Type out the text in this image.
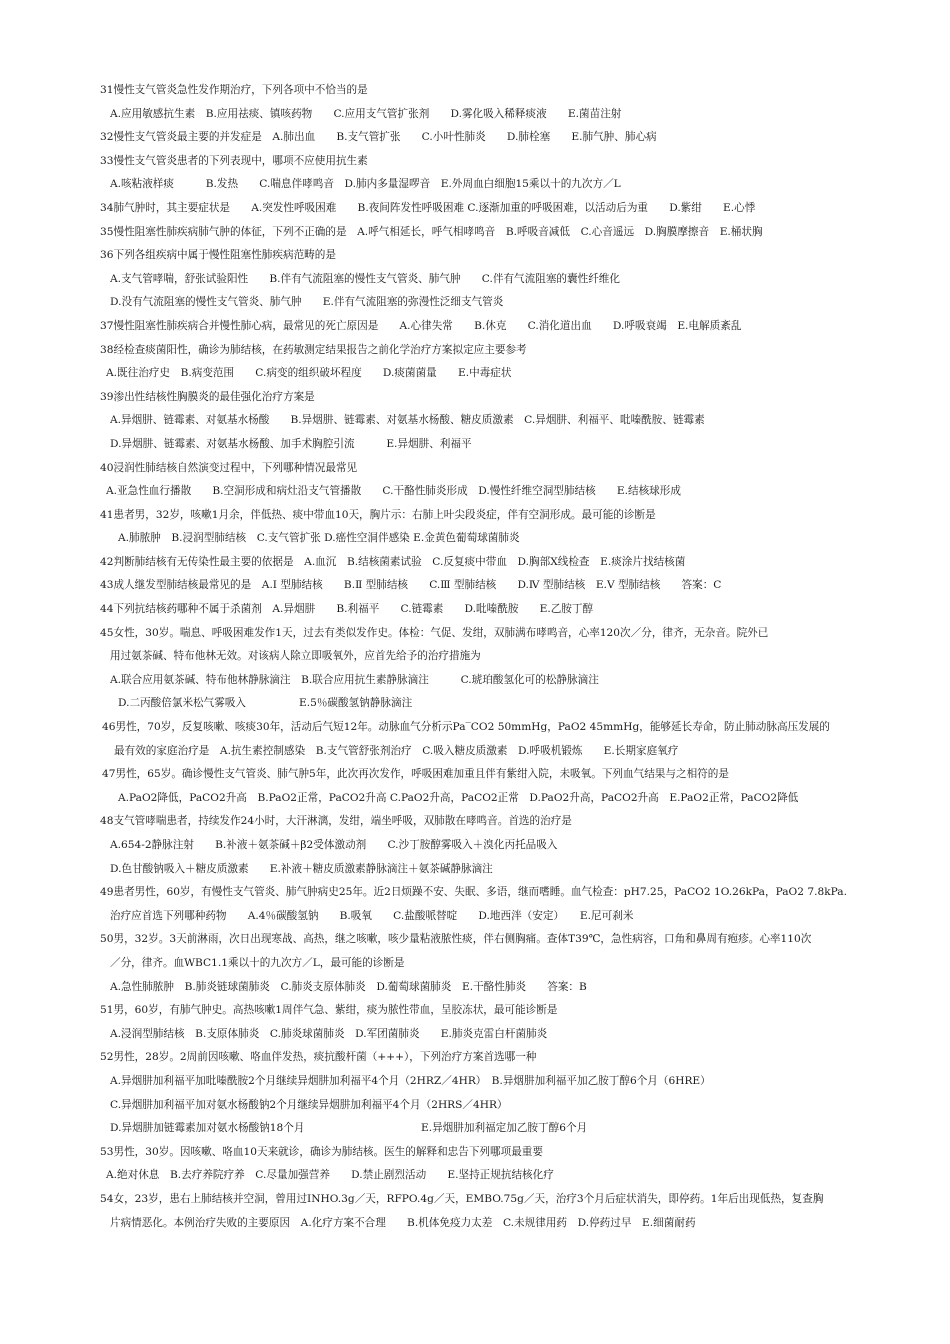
31慢性支气管炎急性发作期治疗，下列各项中不恰当的是
A.应用敏感抗生素　B.应用祛痰、镇咳药物　　C.应用支气管扩张剂　　D.雾化吸入稀释痰液　　E.菌苗注射
32慢性支气管炎最主要的并发症是　A.肺出血　　B.支气管扩张　　C.小叶性肺炎　　D.肺栓塞　　E.肺气肿、肺心病
33慢性支气管炎患者的下列表现中，哪项不应使用抗生素
A.咳粘液样痰　　　B.发热　　C.喘息伴哮鸣音　D.肺内多量湿啰音　E.外周血白细胞15乘以十的九次方／L
34肺气肿时，其主要症状是　　A.突发性呼吸困难　　B.夜间阵发性呼吸困难 C.逐渐加重的呼吸困难，以活动后为重　　D.紫绀　　E.心悸
35慢性阻塞性肺疾病肺气肿的体征，下列不正确的是　A.呼气相延长，呼气相哮鸣音　B.呼吸音减低　C.心音遥远　D.胸膜摩擦音　E.桶状胸
36下列各组疾病中属于慢性阻塞性肺疾病范畴的是
A.支气管哮喘，舒张试验阳性　　B.伴有气流阻塞的慢性支气管炎、肺气肿　　C.伴有气流阻塞的囊性纤维化
D.没有气流阻塞的慢性支气管炎、肺气肿　　E.伴有气流阻塞的弥漫性泛细支气管炎
37慢性阻塞性肺疾病合并慢性肺心病，最常见的死亡原因是　　A.心律失常　　B.休克　　C.消化道出血　　D.呼吸衰竭　E.电解质紊乱
38经检查痰菌阳性，确诊为肺结核，在药敏测定结果报告之前化学治疗方案拟定应主要参考
A.既往治疗史　B.病变范围　　C.病变的组织破坏程度　　D.痰菌菌量　　E.中毒症状
39渗出性结核性胸膜炎的最佳强化治疗方案是
A.异烟肼、链霉素、对氨基水杨酸　　B.异烟肼、链霉素、对氨基水杨酸、糖皮质激素　C.异烟肼、利福平、吡嗪酰胺、链霉素
D.异烟肼、链霉素、对氨基水杨酸、加手术胸腔引流　　　E.异烟肼、利福平
40浸润性肺结核自然演变过程中，下列哪种情况最常见
A.亚急性血行播散　　B.空洞形成和病灶沿支气管播散　　C.干酪性肺炎形成　D.慢性纤维空洞型肺结核　　E.结核球形成
41患者男，32岁，咳嗽1月余，伴低热、痰中带血10天，胸片示：右肺上叶尖段炎症，伴有空洞形成。最可能的诊断是
A.肺脓肿　B.浸润型肺结核　C.支气管扩张 D.癌性空洞伴感染 E.金黄色葡萄球菌肺炎
42判断肺结核有无传染性最主要的依据是　A.血沉　B.结核菌素试验　C.反复痰中带血　D.胸部X线检查　E.痰涂片找结核菌
43成人继发型肺结核最常见的是　A.Ⅰ 型肺结核　　B.Ⅱ 型肺结核　　C.Ⅲ 型肺结核　　D.Ⅳ 型肺结核　E.Ⅴ 型肺结核　　答案：C
44下列抗结核药哪种不属于杀菌剂　A.异烟肼　　B.利福平　　C.链霉素　　D.吡嗪酰胺　　E.乙胺丁醇
45女性，30岁。喘息、呼吸困难发作1天，过去有类似发作史。体检：气促、发绀，双肺满布哮鸣音，心率120次／分，律齐，无杂音。院外已
用过氨茶碱、特布他林无效。对该病人除立即吸氧外，应首先给予的治疗措施为
A.联合应用氨茶碱、特布他林静脉滴注　B.联合应用抗生素静脉滴注　　　C.琥珀酸氢化可的松静脉滴注
D.二丙酸倍氯米松气雾吸入　　　　　E.5％碳酸氢钠静脉滴注
46男性，70岁，反复咳嗽、咳痰30年，活动后气短12年。动脉血气分析示Pa‾CO2 50mmHg，PaO2 45mmHg，能够延长寿命，防止肺动脉高压发展的
最有效的家庭治疗是　A.抗生素控制感染　B.支气管舒张剂治疗　C.吸入糖皮质激素　D.呼吸机锻炼　　E.长期家庭氧疗
47男性，65岁。确诊慢性支气管炎、肺气肿5年，此次再次发作，呼吸困难加重且伴有紫绀入院，未吸氧。下列血气结果与之相符的是
A.PaO2降低，PaCO2升高　B.PaO2正常，PaCO2升高 C.PaO2升高，PaCO2正常　D.PaO2升高，PaCO2升高　E.PaO2正常，PaCO2降低
48支气管哮喘患者，持续发作24小时，大汗淋漓，发绀，端坐呼吸，双肺散在哮鸣音。首选的治疗是
A.654-2静脉注射　　B.补液＋氨茶碱＋β2受体激动剂　　C.沙丁胺醇雾吸入＋溴化丙托品吸入
D.色甘酸钠吸入＋糖皮质激素　　E.补液＋糖皮质激素静脉滴注＋氨茶碱静脉滴注
49患者男性，60岁，有慢性支气管炎、肺气肿病史25年。近2日烦躁不安、失眠、多语，继而嗜睡。血气检查：pH7.25，PaCO2 1O.26kPa，PaO2 7.8kPa.
治疗应首选下列哪种药物　　A.4％碳酸氢钠　　B.吸氧　　C.盐酸哌替啶　　D.地西泮（安定）　　E.尼可刹米
50男，32岁。3天前淋雨，次日出现寒战、高热，继之咳嗽，咳少量粘液脓性痰，伴右侧胸痛。查体T39℃，急性病容，口角和鼻周有疱疹。心率110次
／分，律齐。血WBC1.1乘以十的九次方／L，最可能的诊断是
A.急性肺脓肿　B.肺炎链球菌肺炎　C.肺炎支原体肺炎　D.葡萄球菌肺炎　E.干酪性肺炎　　答案：B
51男，60岁，有肺气肿史。高热咳嗽1周伴气急、紫绀，痰为脓性带血，呈胶冻状，最可能诊断是
A.浸润型肺结核　B.支原体肺炎　C.肺炎球菌肺炎　D.军团菌肺炎　　E.肺炎克雷白杆菌肺炎
52男性，28岁。2周前因咳嗽、咯血伴发热，痰抗酸杆菌（+++），下列治疗方案首选哪一种
A.异烟肼加利福平加吡嗪酰胺2个月继续异烟肼加利福平4个月（2HRZ／4HR）　B.异烟肼加利福平加乙胺丁醇6个月（6HRE）
C.异烟肼加利福平加对氨水杨酸钠2个月继续异烟肼加利福平4个月（2HRS／4HR）
D.异烟肼加链霉素加对氨水杨酸钠18个月　　　　　　　　　　　E.异烟肼加利福定加乙胺丁醇6个月
53男性，30岁。因咳嗽、咯血10天来就诊，确诊为肺结核。医生的解释和忠告下列哪项最重要
A.绝对休息　B.去疗养院疗养　C.尽量加强营养　　D.禁止剧烈活动　　E.坚持正规抗结核化疗
54女，23岁，患右上肺结核并空洞，曾用过INHO.3g／天，RFPO.4g／天，EMBO.75g／天，治疗3个月后症状消失，即停药。1年后出现低热，复查胸
片病情恶化。本例治疗失败的主要原因　A.化疗方案不合理　　B.机体免疫力太差　C.未规律用药　D.停药过早　E.细菌耐药
